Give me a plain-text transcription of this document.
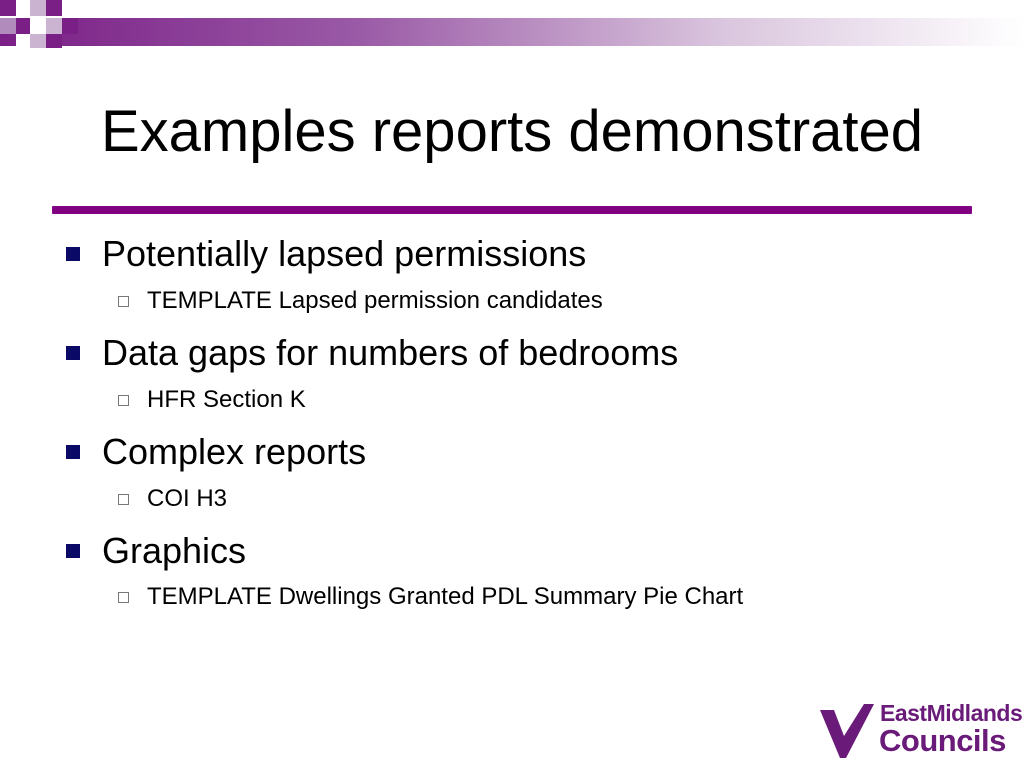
Examples reports demonstrated
Potentially lapsed permissions
TEMPLATE Lapsed permission candidates
Data gaps for numbers of bedrooms
HFR Section K
Complex reports
COI H3
Graphics
TEMPLATE Dwellings Granted PDL Summary Pie Chart
EastMidlands
Councils
